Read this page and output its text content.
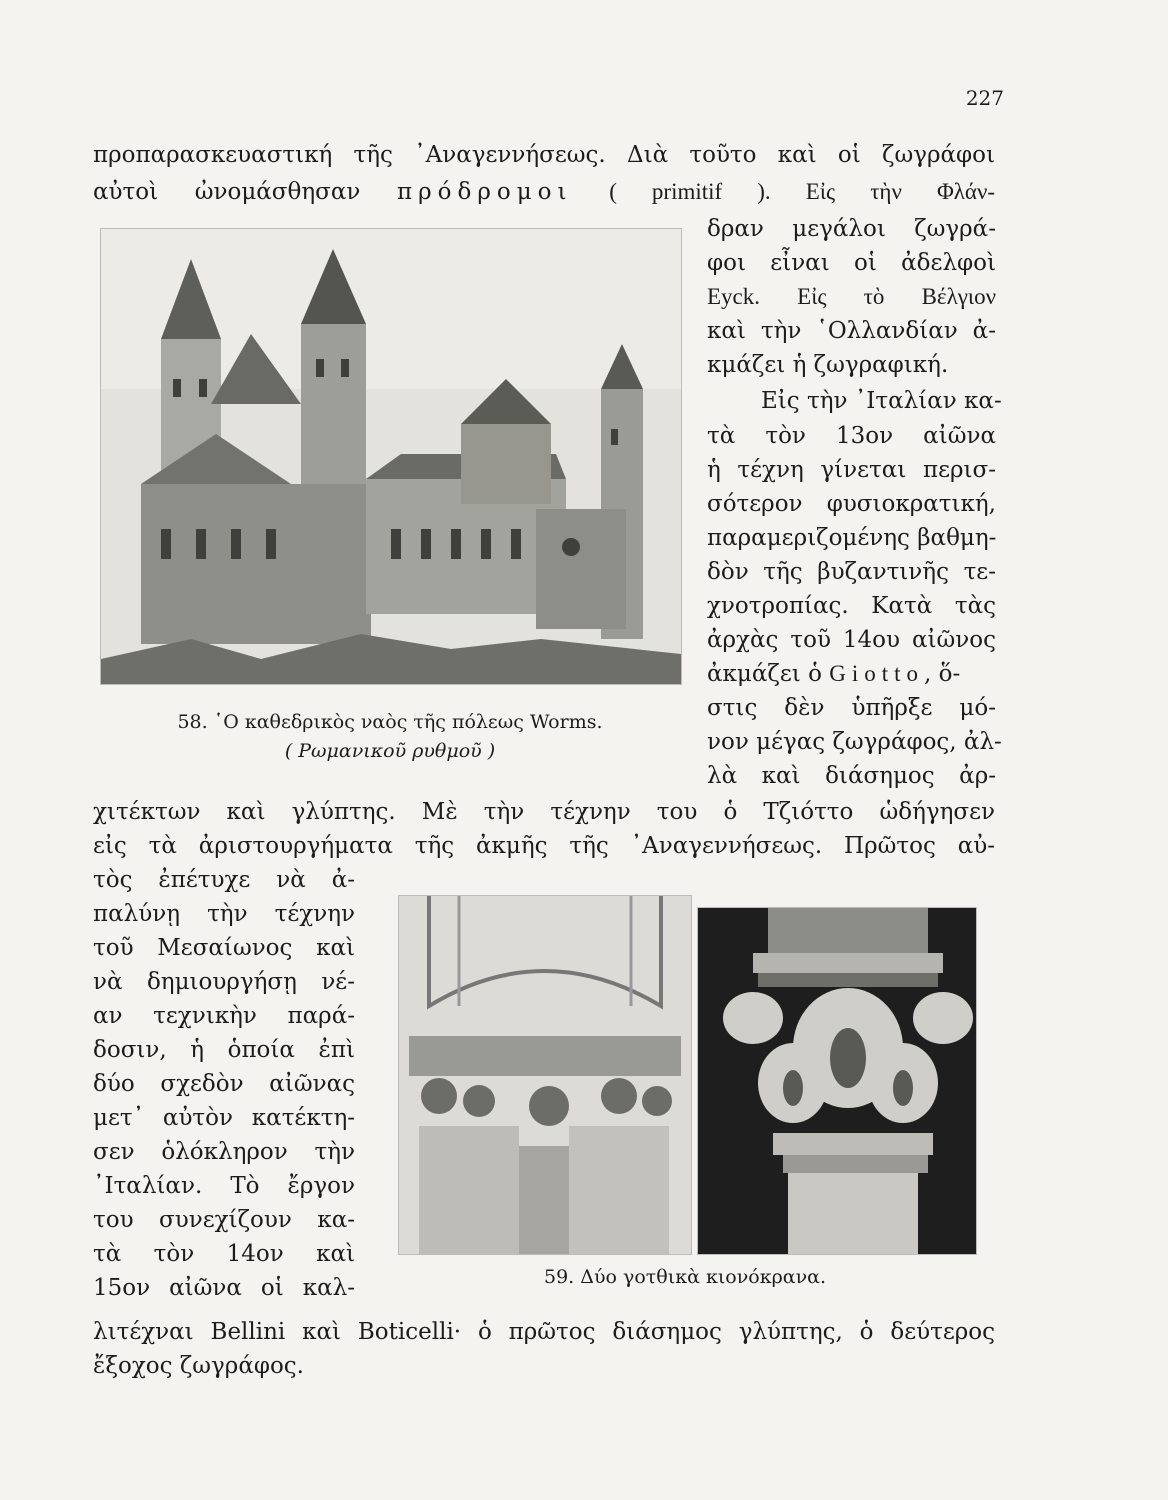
227
προπαρασκευαστική τῆς ᾿Αναγεννήσεως. Διὰ τοῦτο καὶ οἱ ζωγράφοι
αὐτοὶ ὠνομάσθησαν πρόδρομοι ( primitif ). Εἰς τὴν Φλάν-
58. ῾Ο καθεδρικὸς ναὸς τῆς πόλεως Worms.
( Ρωμανικοῦ ρυθμοῦ )
δραν μεγάλοι ζωγρά-
φοι εἶναι οἱ ἀδελφοὶ
Eyck. Εἰς τὸ Βέλγιον
καὶ τὴν ῾Ολλανδίαν ἀ-
κμάζει ἡ ζωγραφική.
Εἰς τὴν ᾿Ιταλίαν κα-
τὰ τὸν 13ον αἰῶνα
ἡ τέχνη γίνεται περισ-
σότερον φυσιοκρατική,
παραμεριζομένης βαθμη-
δὸν τῆς βυζαντινῆς τε-
χνοτροπίας. Κατὰ τὰς
ἀρχὰς τοῦ 14ου αἰῶνος
ἀκμάζει ὁ Giotto, ὅ-
στις δὲν ὑπῆρξε μό-
νον μέγας ζωγράφος, ἀλ-
λὰ καὶ διάσημος ἀρ-
χιτέκτων καὶ γλύπτης. Μὲ τὴν τέχνην του ὁ Τζιόττο ὡδήγησεν
εἰς τὰ ἀριστουργήματα τῆς ἀκμῆς τῆς ᾿Αναγεννήσεως. Πρῶτος αὐ-
59. Δύο γοτθικὰ κιονόκρανα.
τὸς ἐπέτυχε νὰ ἀ-
παλύνῃ τὴν τέχνην
τοῦ Μεσαίωνος καὶ
νὰ δημιουργήσῃ νέ-
αν τεχνικὴν παρά-
δοσιν, ἡ ὁποία ἐπὶ
δύο σχεδὸν αἰῶνας
μετ᾿ αὐτὸν κατέκτη-
σεν ὁλόκληρον τὴν
᾿Ιταλίαν. Τὸ ἔργον
του συνεχίζουν κα-
τὰ τὸν 14ον καὶ
15ον αἰῶνα οἱ καλ-
λιτέχναι Bellini καὶ Boticelli· ὁ πρῶτος διάσημος γλύπτης, ὁ δεύτερος
ἔξοχος ζωγράφος.
